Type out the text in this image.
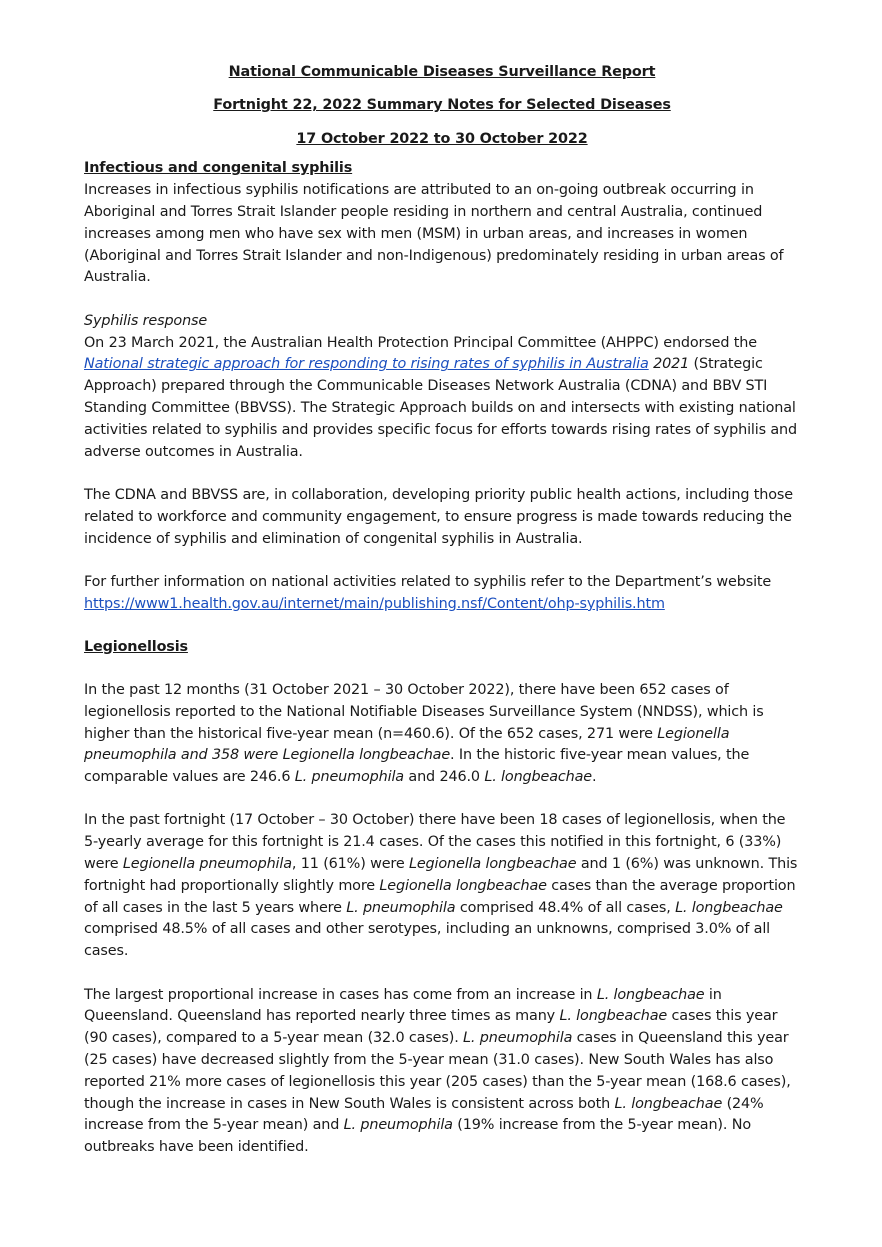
National Communicable Diseases Surveillance Report

Fortnight 22, 2022 Summary Notes for Selected Diseases

17 October 2022 to 30 October 2022

Infectious and congenital syphilis

Increases in infectious syphilis notifications are attributed to an on-going outbreak occurring in Aboriginal and Torres Strait Islander people residing in northern and central Australia, continued increases among men who have sex with men (MSM) in urban areas, and increases in women (Aboriginal and Torres Strait Islander and non-Indigenous) predominately residing in urban areas of Australia.

Syphilis response

On 23 March 2021, the Australian Health Protection Principal Committee (AHPPC) endorsed the National strategic approach for responding to rising rates of syphilis in Australia 2021 (Strategic Approach) prepared through the Communicable Diseases Network Australia (CDNA) and BBV STI Standing Committee (BBVSS). The Strategic Approach builds on and intersects with existing national activities related to syphilis and provides specific focus for efforts towards rising rates of syphilis and adverse outcomes in Australia.

The CDNA and BBVSS are, in collaboration, developing priority public health actions, including those related to workforce and community engagement, to ensure progress is made towards reducing the incidence of syphilis and elimination of congenital syphilis in Australia.

For further information on national activities related to syphilis refer to the Department’s website

https://www1.health.gov.au/internet/main/publishing.nsf/Content/ohp-syphilis.htm

Legionellosis

In the past 12 months (31 October 2021 – 30 October 2022), there have been 652 cases of legionellosis reported to the National Notifiable Diseases Surveillance System (NNDSS), which is higher than the historical five-year mean (n=460.6). Of the 652 cases, 271 were Legionella pneumophila and 358 were Legionella longbeachae. In the historic five-year mean values, the comparable values are 246.6 L. pneumophila and 246.0 L. longbeachae.

In the past fortnight (17 October – 30 October) there have been 18 cases of legionellosis, when the 5-yearly average for this fortnight is 21.4 cases. Of the cases this notified in this fortnight, 6 (33%) were Legionella pneumophila, 11 (61%) were Legionella longbeachae and 1 (6%) was unknown. This fortnight had proportionally slightly more Legionella longbeachae cases than the average proportion of all cases in the last 5 years where L. pneumophila comprised 48.4% of all cases, L. longbeachae comprised 48.5% of all cases and other serotypes, including an unknowns, comprised 3.0% of all cases.

The largest proportional increase in cases has come from an increase in L. longbeachae in Queensland. Queensland has reported nearly three times as many L. longbeachae cases this year (90 cases), compared to a 5-year mean (32.0 cases). L. pneumophila cases in Queensland this year (25 cases) have decreased slightly from the 5-year mean (31.0 cases). New South Wales has also reported 21% more cases of legionellosis this year (205 cases) than the 5-year mean (168.6 cases), though the increase in cases in New South Wales is consistent across both L. longbeachae (24% increase from the 5-year mean) and L. pneumophila (19% increase from the 5-year mean). No outbreaks have been identified.
